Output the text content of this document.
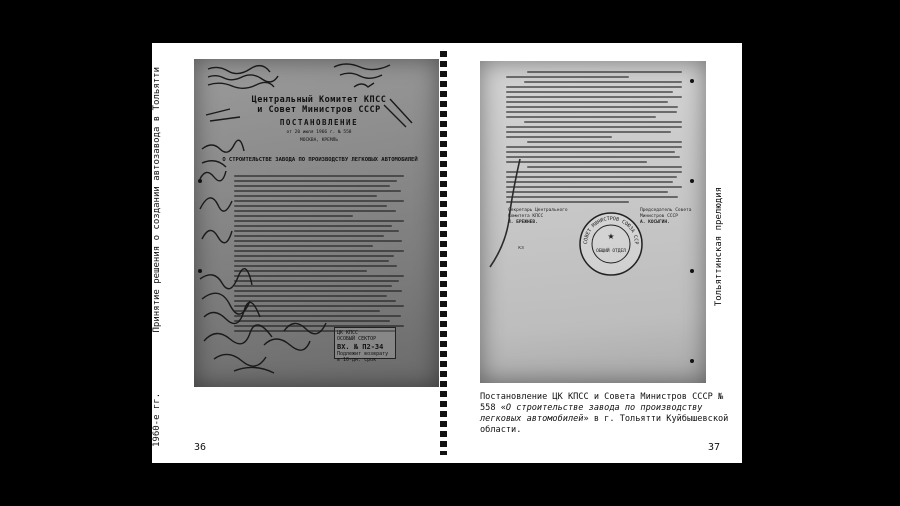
1960-е гг.
Принятие решения о создании автозавода в Тольятти	Центральный Комитет КПСС
и Совет Министров СССР
ПОСТАНОВЛЕНИЕ
от 20 июля 1966 г. № 558
МОСКВА, КРЕМЛЬ
О СТРОИТЕЛЬСТВЕ ЗАВОДА ПО ПРОИЗВОДСТВУ ЛЕГКОВЫХ АВТОМОБИЛЕЙ
ЦК КПСС
ОСОБЫЙ СЕКТОР
ВХ. № П2-34
Подлежит возврату в 10-дн. срок
36
Секретарь Центрального Комитета КПСС
Л. БРЕЖНЕВ.
Председатель Совета Министров СССР
А. КОСЫГИН.
СОВЕТ МИНИСТРОВ СОЮЗА ССР
★
ОБЩИЙ ОТДЕЛ
кз
Постановление ЦК КПСС и Совета Министров СССР № 558 «О строительстве завода по производству легковых автомобилей» в г. Тольятти Куйбышевской области.
37
Тольяттинская прелюдия
